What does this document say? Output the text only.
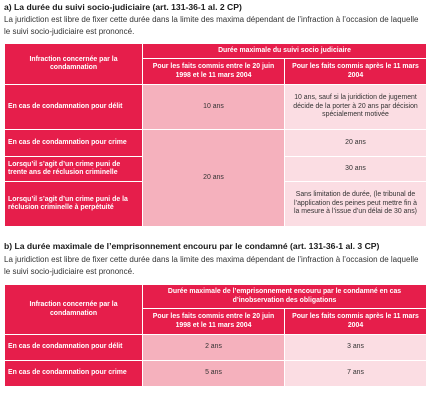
a) La durée du suivi socio-judiciaire (art. 131-36-1 al. 2 CP)
La juridiction est libre de fixer cette durée dans la limite des maxima dépendant de l’infraction à l’occasion de laquelle le suivi socio-judiciaire est prononcé.
Infraction concernée par la condamnation	Durée maximale du suivi socio judiciaire	
	Pour les faits commis entre le 20 juin 1998 et le 11 mars 2004	Pour les faits commis après le 11 mars 2004
En cas de condamnation pour délit	10 ans	10 ans, sauf si la juridiction de jugement décide de la porter à 20 ans par décision spécialement motivée
En cas de condamnation pour crime	20 ans	20 ans
Lorsqu’il s’agit d’un crime puni de trente ans de réclusion criminelle		30 ans
Lorsqu’il s’agit d’un crime puni de la réclusion criminelle à perpétuité		Sans limitation de durée, (le tribunal de l’application des peines peut mettre fin à la mesure à l’issue d’un délai de 30 ans)
b) La durée maximale de l’emprisonnement encouru par le condamné (art. 131-36-1 al. 3 CP)
La juridiction est libre de fixer cette durée dans la limite des maxima dépendant de l’infraction à l’occasion de laquelle le suivi socio-judiciaire est prononcé.
Infraction concernée par la condamnation	Durée maximale de l’emprisonnement encouru par le condamné en cas d’inobservation des obligations	
	Pour les faits commis entre le 20 juin 1998 et le 11 mars 2004	Pour les faits commis après le 11 mars 2004
En cas de condamnation pour délit	2 ans	3 ans
En cas de condamnation pour crime	5 ans	7 ans
